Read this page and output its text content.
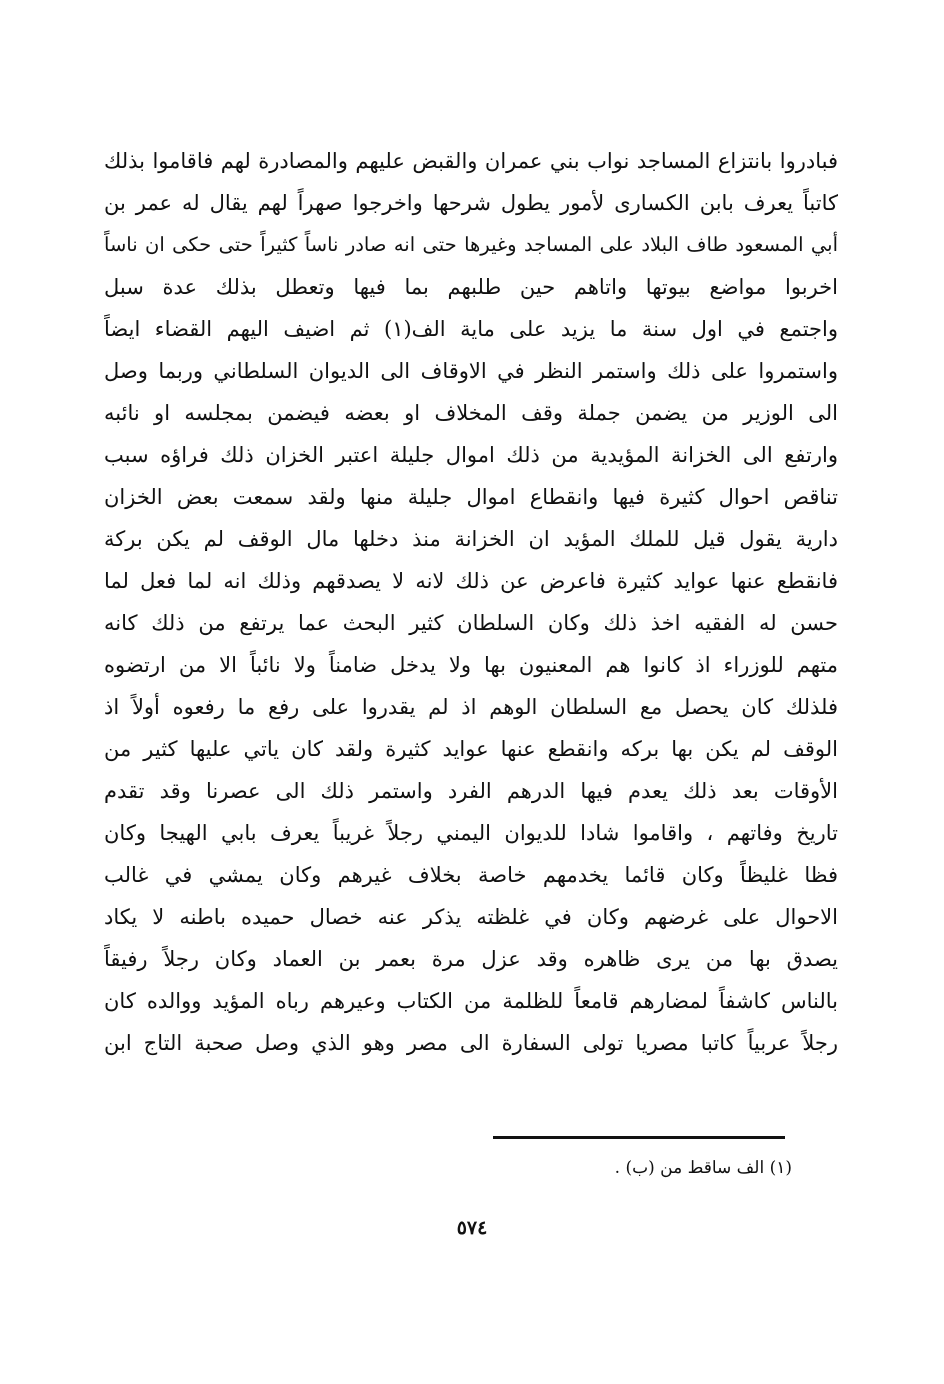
فبادروا بانتزاع المساجد نواب بني عمران والقبض عليهم والمصادرة لهم فاقاموا بذلك
كاتباً يعرف بابن الكسارى لأمور يطول شرحها واخرجوا صهراً لهم يقال له عمر بن
أبي المسعود طاف البلاد على المساجد وغيرها حتى انه صادر ناساً كثيراً حتى حكى ان ناساً
اخربوا مواضع بيوتها واتاهم حين طلبهم بما فيها وتعطل بذلك عدة سبل
واجتمع في اول سنة ما يزيد على ماية الف(١) ثم اضيف اليهم القضاء ايضاً
واستمروا على ذلك واستمر النظر في الاوقاف الى الديوان السلطاني وربما وصل
الى الوزير من يضمن جملة وقف المخلاف او بعضه فيضمن بمجلسه او نائبه
وارتفع الى الخزانة المؤيدية من ذلك اموال جليلة اعتبر الخزان ذلك فراؤه سبب
تناقص احوال كثيرة فيها وانقطاع اموال جليلة منها ولقد سمعت بعض الخزان
دارية يقول قيل للملك المؤيد ان الخزانة منذ دخلها مال الوقف لم يكن بركة
فانقطع عنها عوايد كثيرة فاعرض عن ذلك لانه لا يصدقهم وذلك انه لما فعل لما
حسن له الفقيه اخذ ذلك وكان السلطان كثير البحث عما يرتفع من ذلك كانه
متهم للوزراء اذ كانوا هم المعنيون بها ولا يدخل ضامناً ولا نائباً الا من ارتضوه
فلذلك كان يحصل مع السلطان الوهم اذ لم يقدروا على رفع ما رفعوه أولاً اذ
الوقف لم يكن بها بركه وانقطع عنها عوايد كثيرة ولقد كان ياتي عليها كثير من
الأوقات بعد ذلك يعدم فيها الدرهم الفرد واستمر ذلك الى عصرنا وقد تقدم
تاريخ وفاتهم ، واقاموا شادا للديوان اليمني رجلاً غريباً يعرف بابي الهيجا وكان
فظا غليظاً وكان قائما يخدمهم خاصة بخلاف غيرهم وكان يمشي في غالب
الاحوال على غرضهم وكان في غلظته يذكر عنه خصال حميده باطنه لا يكاد
يصدق بها من يرى ظاهره وقد عزل مرة بعمر بن العماد وكان رجلاً رفيقاً
بالناس كاشفاً لمضارهم قامعاً للظلمة من الكتاب وعيرهم رباه المؤيد ووالده كان
رجلاً عربياً كاتبا مصريا تولى السفارة الى مصر وهو الذي وصل صحبة التاج ابن
(١) الف ساقط من (ب) .
٥٧٤
